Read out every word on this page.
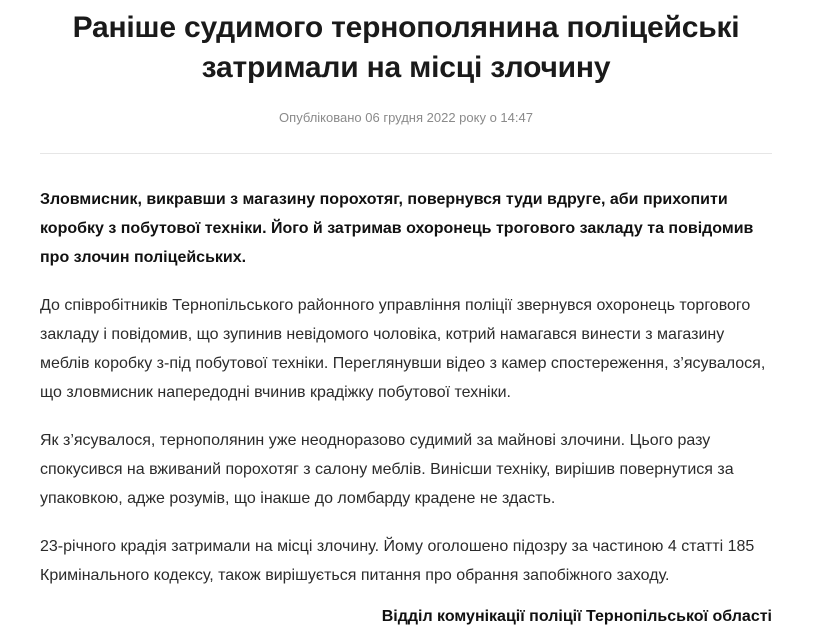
Раніше судимого тернополянина поліцейські
затримали на місці злочину
Опубліковано 06 грудня 2022 року о 14:47

Зловмисник, викравши з магазину порохотяг, повернувся туди вдруге, аби прихопити коробку з побутової техніки. Його й затримав охоронець трогового закладу та повідомив про злочин поліцейських.

До співробітників Тернопільського районного управління поліції звернувся охоронець торгового закладу і повідомив, що зупинив невідомого чоловіка, котрий намагався винести з магазину меблів коробку з-під побутової техніки. Переглянувши відео з камер спостереження, з’ясувалося, що зловмисник напередодні вчинив крадіжку побутової техніки.

Як з’ясувалося, тернополянин уже неодноразово судимий за майнові злочини. Цього разу спокусився на вживаний порохотяг з салону меблів. Винісши техніку, вирішив повернутися за упаковкою, адже розумів, що інакше до ломбарду крадене не здасть.

23-річного крадія затримали на місці злочину. Йому оголошено підозру за частиною 4 статті 185 Кримінального кодексу, також вирішується питання про обрання запобіжного заходу.

Відділ комунікації поліції Тернопільської області
